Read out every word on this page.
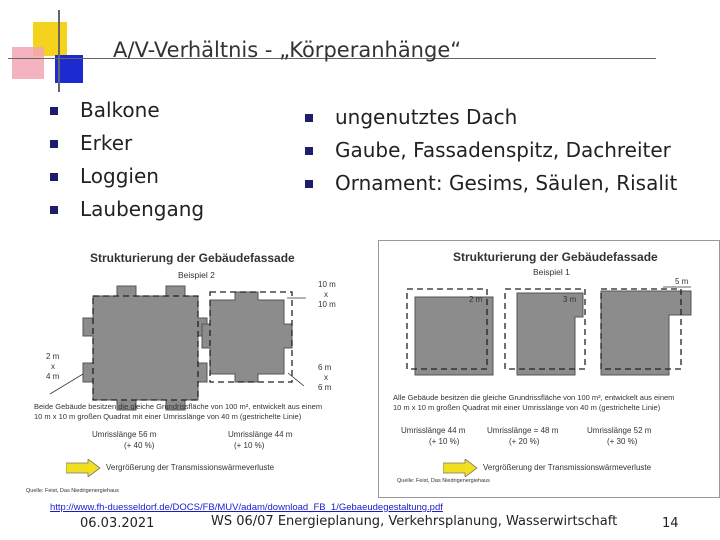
A/V-Verhältnis - „Körperanhänge“
Balkone
Erker
Loggien
Laubengang
ungenutztes Dach
Gaube, Fassadenspitz, Dachreiter
Ornament: Gesims, Säulen, Risalit
Strukturierung der Gebäudefassade
Beispiel 2
10 m
x
10 m
2 m
x
4 m
6 m
x
6 m
Beide Gebäude besitzen die gleiche Grundrissfläche von 100 m², entwickelt aus einem
10 m x 10 m großen Quadrat mit einer Umrisslänge von 40 m (gestrichelte Linie)
Umrisslänge 56 m
(+ 40 %)
Umrisslänge 44 m
(+ 10 %)
Vergrößerung der Transmissionswärmeverluste
Quelle: Feist, Das Niedrigenergiehaus
Strukturierung der Gebäudefassade
Beispiel 1
5 m
2 m	3 m
Alle Gebäude besitzen die gleiche Grundrissfläche von 100 m², entwickelt aus einem
10 m x 10 m großen Quadrat mit einer Umrisslänge von 40 m (gestrichelte Linie)
Umrisslänge 44 m
(+ 10 %)
Umrisslänge = 48 m
(+ 20 %)
Umrisslänge 52 m
(+ 30 %)
Vergrößerung der Transmissionswärmeverluste
Quelle: Feist, Das Niedrigenergiehaus
http://www.fh-duesseldorf.de/DOCS/FB/MUV/adam/download_FB_1/Gebaeudegestaltung.pdf
06.03.2021	WS 06/07 Energieplanung, Verkehrsplanung, Wasserwirtschaft	14
